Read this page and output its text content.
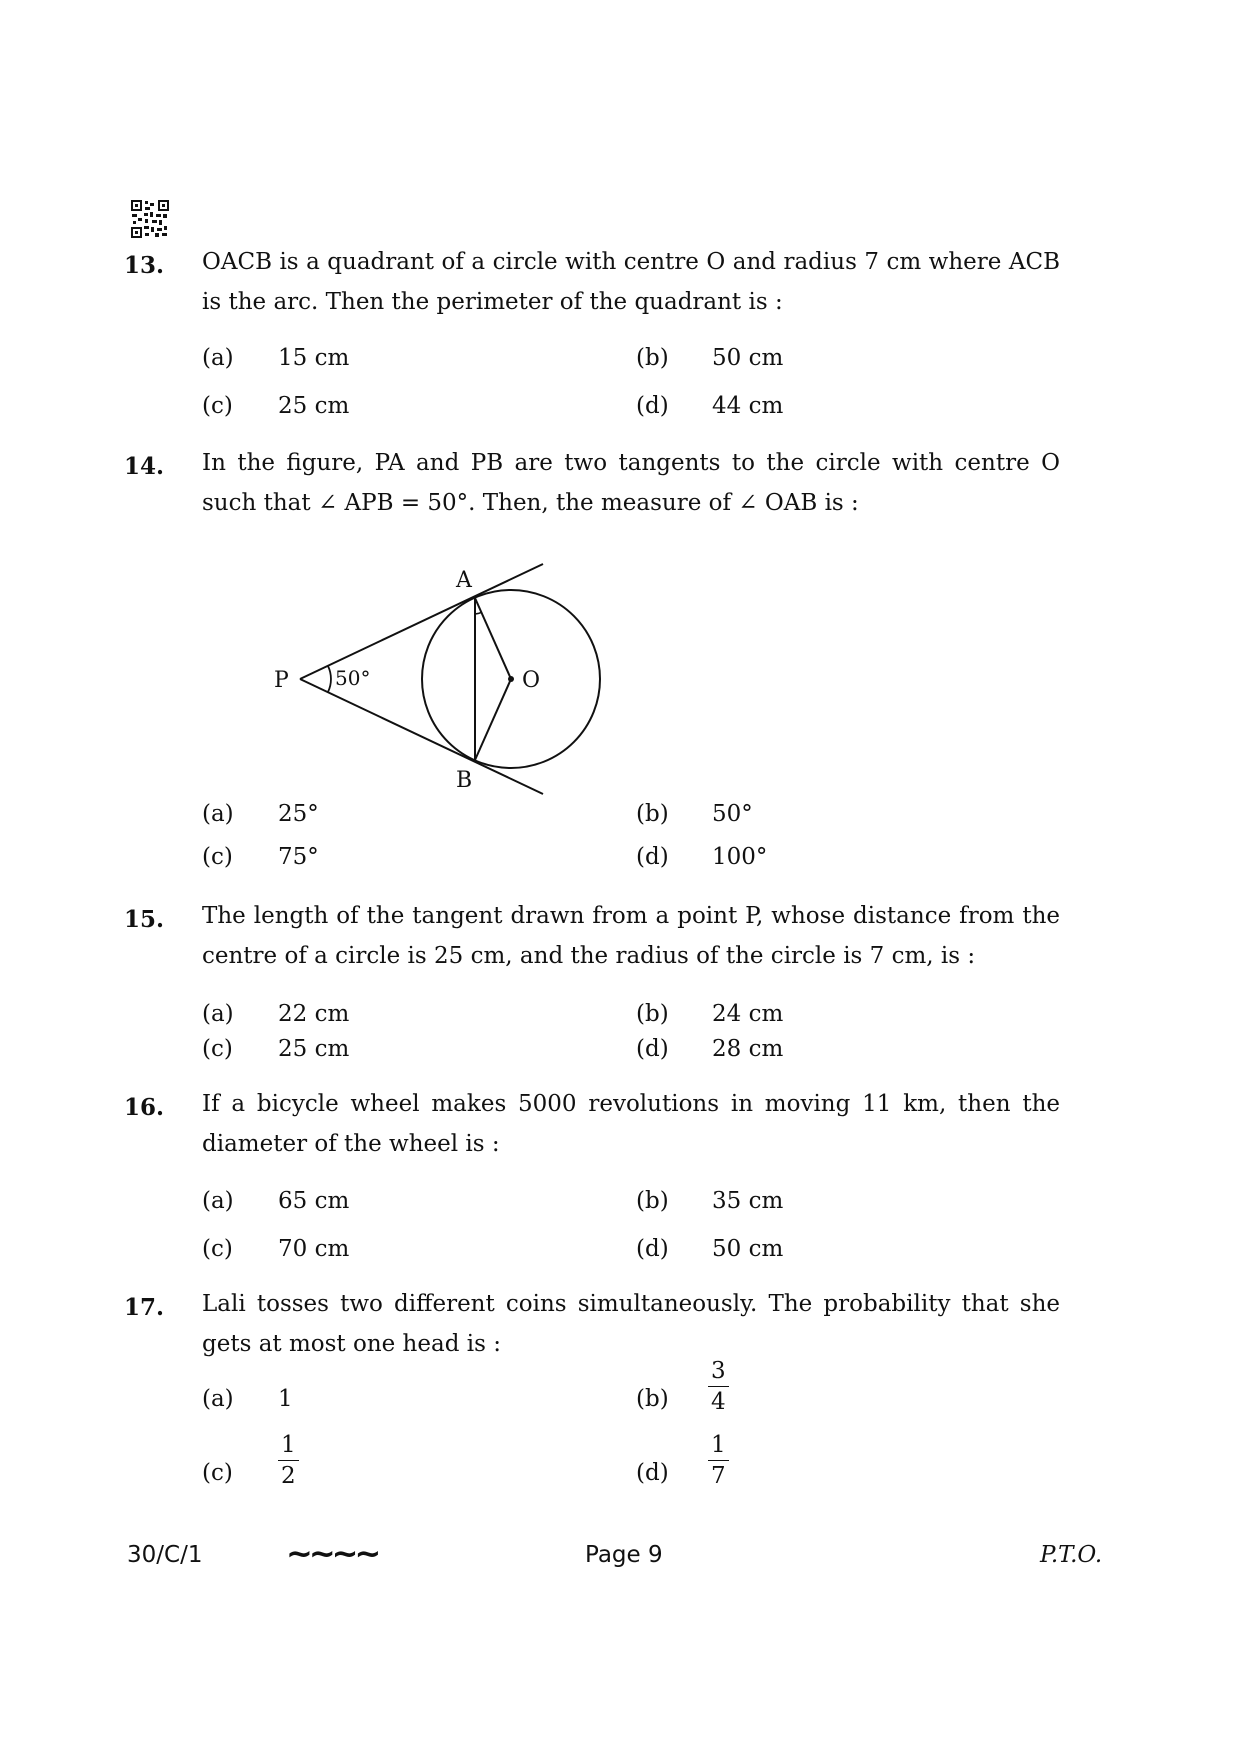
13. OACB is a quadrant of a circle with centre O and radius 7 cm where ACB is the arc. Then the perimeter of the quadrant is :
(a)	15 cm	(b)	50 cm
(c)	25 cm	(d)	44 cm
14. In the figure, PA and PB are two tangents to the circle with centre O such that ∠ APB = 50°. Then, the measure of ∠ OAB is :
A
B
P	O
50°
(a)	25°	(b)	50°
(c)	75°	(d)	100°
15. The length of the tangent drawn from a point P, whose distance from the centre of a circle is 25 cm, and the radius of the circle is 7 cm, is :
(a)	22 cm	(b)	24 cm
(c)	25 cm	(d)	28 cm
16. If a bicycle wheel makes 5000 revolutions in moving 11 km, then the diameter of the wheel is :
(a)	65 cm	(b)	35 cm
(c)	70 cm	(d)	50 cm
17. Lali tosses two different coins simultaneously. The probability that she gets at most one head is :
(a)	1	(b)	$\frac{3}{4}$
(c)	$\frac{1}{2}$	(d)	$\frac{1}{7}$
30/C/1	~~~~	Page 9	P.T.O.
